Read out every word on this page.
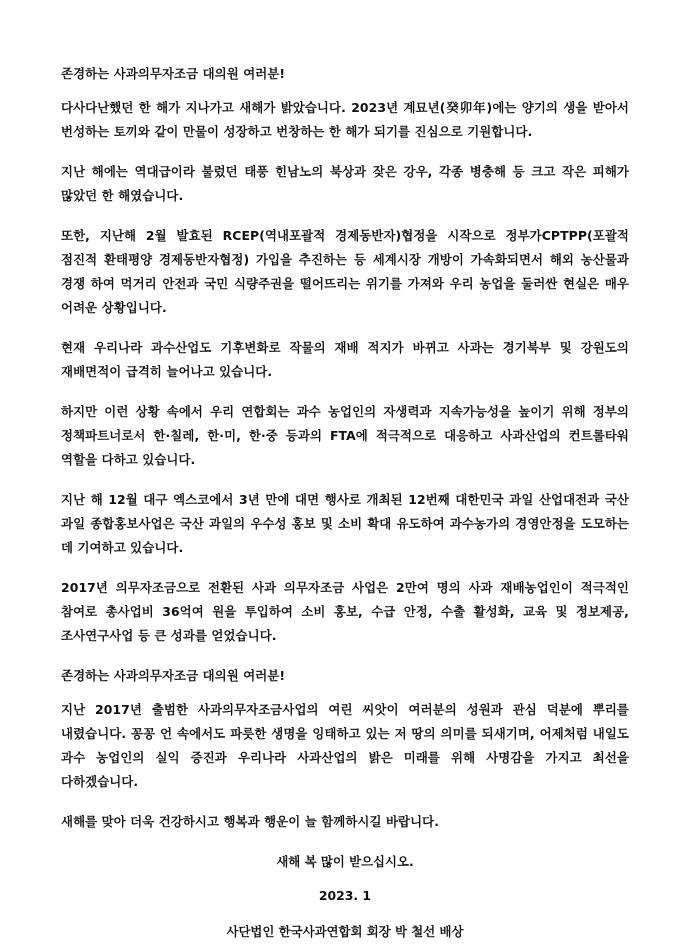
존경하는 사과의무자조금 대의원 여러분!

다사다난했던 한 해가 지나가고 새해가 밝았습니다. 2023년 계묘년(癸卯年)에는 양기의 생을 받아서 번성하는 토끼와 같이 만물이 성장하고 번창하는 한 해가 되기를 진심으로 기원합니다.

지난 해에는 역대급이라 불렀던 태풍 힌남노의 북상과 잦은 강우, 각종 병충해 등 크고 작은 피해가 많았던 한 해였습니다.

또한, 지난해 2월 발효된 RCEP(역내포괄적 경제동반자)협정을 시작으로 정부가CPTPP(포괄적 점진적 환태평양 경제동반자협정) 가입을 추진하는 등 세계시장 개방이 가속화되면서 해외 농산물과 경쟁 하여 먹거리 안전과 국민 식량주권을 떨어뜨리는 위기를 가져와 우리 농업을 둘러싼 현실은 매우 어려운 상황입니다.

현재 우리나라 과수산업도 기후변화로 작물의 재배 적지가 바뀌고 사과는 경기북부 및 강원도의 재배면적이 급격히 늘어나고 있습니다.

하지만 이런 상황 속에서 우리 연합회는 과수 농업인의 자생력과 지속가능성을 높이기 위해 정부의 정책파트너로서 한·칠레, 한·미, 한·중 등과의 FTA에 적극적으로 대응하고 사과산업의 컨트롤타워 역할을 다하고 있습니다.

지난 해 12월 대구 엑스코에서 3년 만에 대면 행사로 개최된 12번째 대한민국 과일 산업대전과 국산 과일 종합홍보사업은 국산 과일의 우수성 홍보 및 소비 확대 유도하여 과수농가의 경영안정을 도모하는 데 기여하고 있습니다.

2017년 의무자조금으로 전환된 사과 의무자조금 사업은 2만여 명의 사과 재배농업인이 적극적인 참여로 총사업비 36억여 원을 투입하여 소비 홍보, 수급 안정, 수출 활성화, 교육 및 정보제공, 조사연구사업 등 큰 성과를 얻었습니다.

존경하는 사과의무자조금 대의원 여러분!

지난 2017년 출범한 사과의무자조금사업의 여린 씨앗이 여러분의 성원과 관심 덕분에 뿌리를 내렸습니다. 꽁꽁 언 속에서도 파릇한 생명을 잉태하고 있는 저 땅의 의미를 되새기며, 어제처럼 내일도 과수 농업인의 실익 증진과 우리나라 사과산업의 밝은 미래를 위해 사명감을 가지고 최선을 다하겠습니다.

새해를 맞아 더욱 건강하시고 행복과 행운이 늘 함께하시길 바랍니다.

새해 복 많이 받으십시오.

2023. 1

사단법인 한국사과연합회 회장 박 철선 배상
